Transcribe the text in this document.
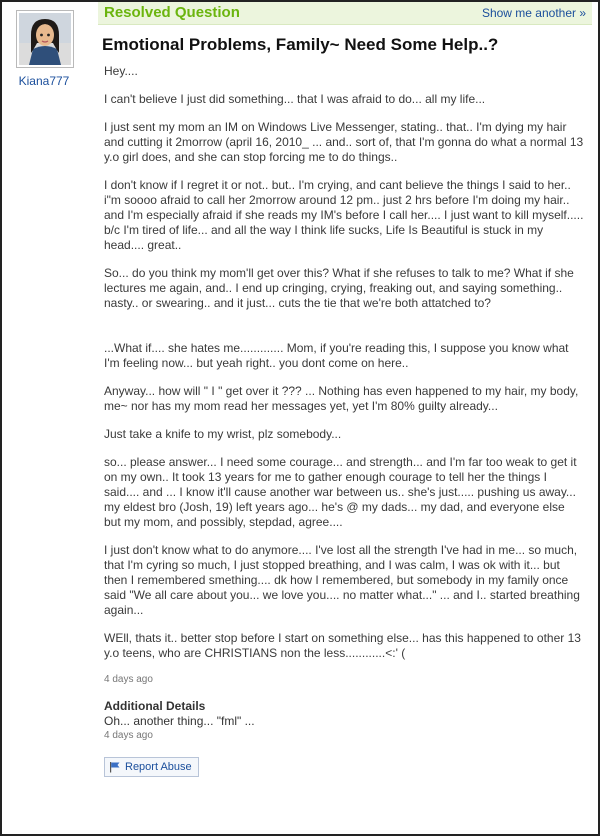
Kiana777
Resolved Question	Show me another »
Emotional Problems, Family~ Need Some Help..?
Hey....
I can't believe I just did something... that I was afraid to do... all my life...
I just sent my mom an IM on Windows Live Messenger, stating.. that.. I'm dying my hair and cutting it 2morrow (april 16, 2010_ ... and.. sort of, that I'm gonna do what a normal 13 y.o girl does, and she can stop forcing me to do things..
I don't know if I regret it or not.. but.. I'm crying, and cant believe the things I said to her.. i"m soooo afraid to call her 2morrow around 12 pm.. just 2 hrs before I'm doing my hair.. and I'm especially afraid if she reads my IM's before I call her.... I just want to kill myself..... b/c I'm tired of life... and all the way I think life sucks, Life Is Beautiful is stuck in my head.... great..
So... do you think my mom'll get over this? What if she refuses to talk to me? What if she lectures me again, and.. I end up cringing, crying, freaking out, and saying something.. nasty.. or swearing.. and it just... cuts the tie that we're both attatched to?
...What if.... she hates me............. Mom, if you're reading this, I suppose you know what I'm feeling now... but yeah right.. you dont come on here..
Anyway... how will " I " get over it ??? ... Nothing has even happened to my hair, my body, me~ nor has my mom read her messages yet, yet I'm 80% guilty already...
Just take a knife to my wrist, plz somebody...
so... please answer... I need some courage... and strength... and I'm far too weak to get it on my own.. It took 13 years for me to gather enough courage to tell her the things I said.... and ... I know it'll cause another war between us.. she's just..... pushing us away... my eldest bro (Josh, 19) left years ago... he's @ my dads... my dad, and everyone else but my mom, and possibly, stepdad, agree....
I just don't know what to do anymore.... I've lost all the strength I've had in me... so much, that I'm cyring so much, I just stopped breathing, and I was calm, I was ok with it... but then I remembered smething.... dk how I remembered, but somebody in my family once said "We all care about you... we love you.... no matter what..." ... and I.. started breathing again...
WEll, thats it.. better stop before I start on something else... has this happened to other 13 y.o teens, who are CHRISTIANS non the less............<:' (
4 days ago
Additional Details
Oh... another thing... "fml" ...
4 days ago
Report Abuse
